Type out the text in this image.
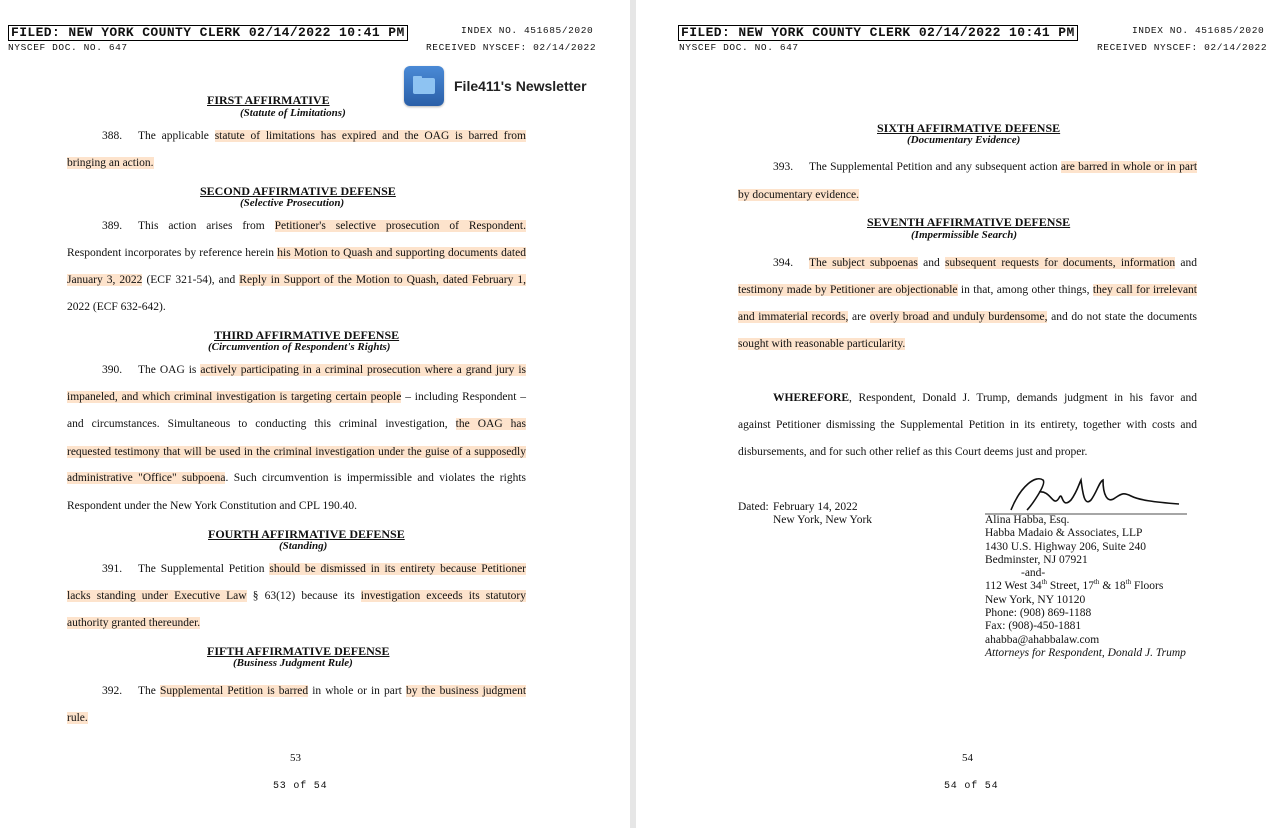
FILED: NEW YORK COUNTY CLERK 02/14/2022 10:41 PM
NYSCEF DOC. NO. 647
INDEX NO. 451685/2020
RECEIVED NYSCEF: 02/14/2022
File411's Newsletter
FIRST AFFIRMATIVE
(Statute of Limitations)
388. The applicable statute of limitations has expired and the OAG is barred from
bringing an action.
SECOND AFFIRMATIVE DEFENSE
(Selective Prosecution)
389. This action arises from Petitioner's selective prosecution of Respondent.
Respondent incorporates by reference herein his Motion to Quash and supporting documents dated
January 3, 2022 (ECF 321-54), and Reply in Support of the Motion to Quash, dated February 1,
2022 (ECF 632-642).
THIRD AFFIRMATIVE DEFENSE
(Circumvention of Respondent's Rights)
390. The OAG is actively participating in a criminal prosecution where a grand jury is
impaneled, and which criminal investigation is targeting certain people – including Respondent –
and circumstances. Simultaneous to conducting this criminal investigation, the OAG has
requested testimony that will be used in the criminal investigation under the guise of a supposedly
administrative "Office" subpoena. Such circumvention is impermissible and violates the rights
Respondent under the New York Constitution and CPL 190.40.
FOURTH AFFIRMATIVE DEFENSE
(Standing)
391. The Supplemental Petition should be dismissed in its entirety because Petitioner
lacks standing under Executive Law § 63(12) because its investigation exceeds its statutory
authority granted thereunder.
FIFTH AFFIRMATIVE DEFENSE
(Business Judgment Rule)
392. The Supplemental Petition is barred in whole or in part by the business judgment
rule.
53
53 of 54
FILED: NEW YORK COUNTY CLERK 02/14/2022 10:41 PM
NYSCEF DOC. NO. 647
INDEX NO. 451685/2020
RECEIVED NYSCEF: 02/14/2022
SIXTH AFFIRMATIVE DEFENSE
(Documentary Evidence)
393. The Supplemental Petition and any subsequent action are barred in whole or in part
by documentary evidence.
SEVENTH AFFIRMATIVE DEFENSE
(Impermissible Search)
394. The subject subpoenas and subsequent requests for documents, information and
testimony made by Petitioner are objectionable in that, among other things, they call for irrelevant
and immaterial records, are overly broad and unduly burdensome, and do not state the documents
sought with reasonable particularity.
WHEREFORE, Respondent, Donald J. Trump, demands judgment in his favor and
against Petitioner dismissing the Supplemental Petition in its entirety, together with costs and
disbursements, and for such other relief as this Court deems just and proper.
Dated: February 14, 2022
New York, New York	Alina Habba, Esq.
Habba Madaio & Associates, LLP
1430 U.S. Highway 206, Suite 240
Bedminster, NJ 07921
-and-
112 West 34th Street, 17th & 18th Floors
New York, NY 10120
Phone: (908) 869-1188
Fax: (908)-450-1881
ahabba@ahabbalaw.com
Attorneys for Respondent, Donald J. Trump
54
54 of 54
